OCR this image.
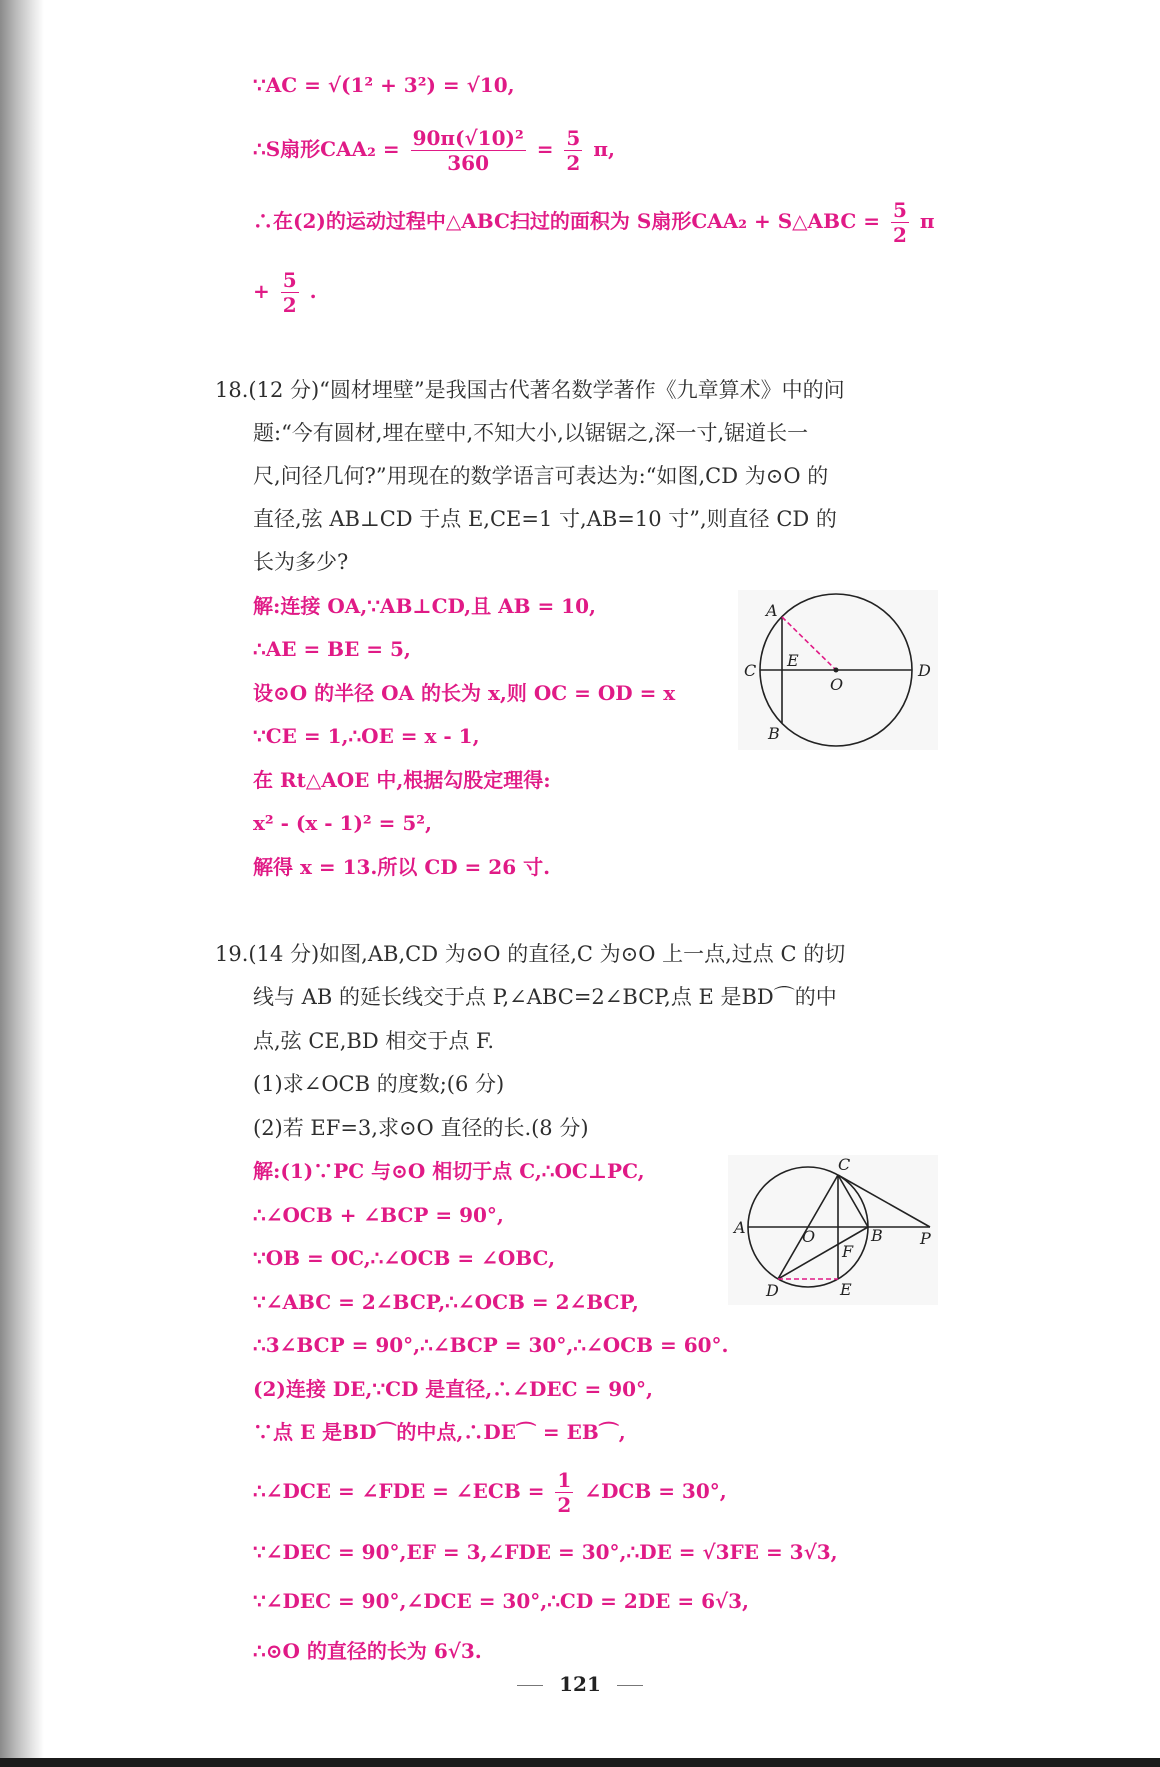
∵AC = √(1² + 3²) = √10,
∴S扇形$CAA_2 = \frac{\text{90π(√10)²}}{360} = \frac{5}{2} \pi$,
∴在(2)的运动过程中△ABC扫过的面积为 S扇形CAA₂ + S△ABC = $\frac{5}{2}$ π
+ $\frac{5}{2}$ .
18.(12 分)“圆材埋壁”是我国古代著名数学著作《九章算术》中的问
题:“今有圆材,埋在壁中,不知大小,以锯锯之,深一寸,锯道长一
尺,问径几何?”用现在的数学语言可表达为:“如图,CD 为⊙O 的
直径,弦 AB⊥CD 于点 E,CE=1 寸,AB=10 寸”,则直径 CD 的
长为多少?
解:连接 OA,∵AB⊥CD,且 AB = 10,
∴AE = BE = 5,
设⊙O 的半径 OA 的长为 x,则 OC = OD = x
∵CE = 1,∴OE = x - 1,
在 Rt△AOE 中,根据勾股定理得:
x² - (x - 1)² = 5²,
解得 x = 13.所以 CD = 26 寸.
A
B
C	D
E
O
19.(14 分)如图,AB,CD 为⊙O 的直径,C 为⊙O 上一点,过点 C 的切
线与 AB 的延长线交于点 P,∠ABC=2∠BCP,点 E 是BD⌒的中
点,弦 CE,BD 相交于点 F.
(1)求∠OCB 的度数;(6 分)
(2)若 EF=3,求⊙O 直径的长.(8 分)
解:(1)∵PC 与⊙O 相切于点 C,∴OC⊥PC,
∴∠OCB + ∠BCP = 90°,
∵OB = OC,∴∠OCB = ∠OBC,
∵∠ABC = 2∠BCP,∴∠OCB = 2∠BCP,
∴3∠BCP = 90°,∴∠BCP = 30°,∴∠OCB = 60°.
(2)连接 DE,∵CD 是直径,∴∠DEC = 90°,
∵点 E 是BD⌒的中点,∴DE⌒ = EB⌒,
∴∠DCE = ∠FDE = ∠ECB = $\frac{1}{2}$ ∠DCB = 30°,
∵∠DEC = 90°,EF = 3,∠FDE = 30°,∴DE = √3FE = 3√3,
∵∠DEC = 90°,∠DCE = 30°,∴CD = 2DE = 6√3,
∴⊙O 的直径的长为 6√3.
A	B
C
D	E
F
O	P
121
